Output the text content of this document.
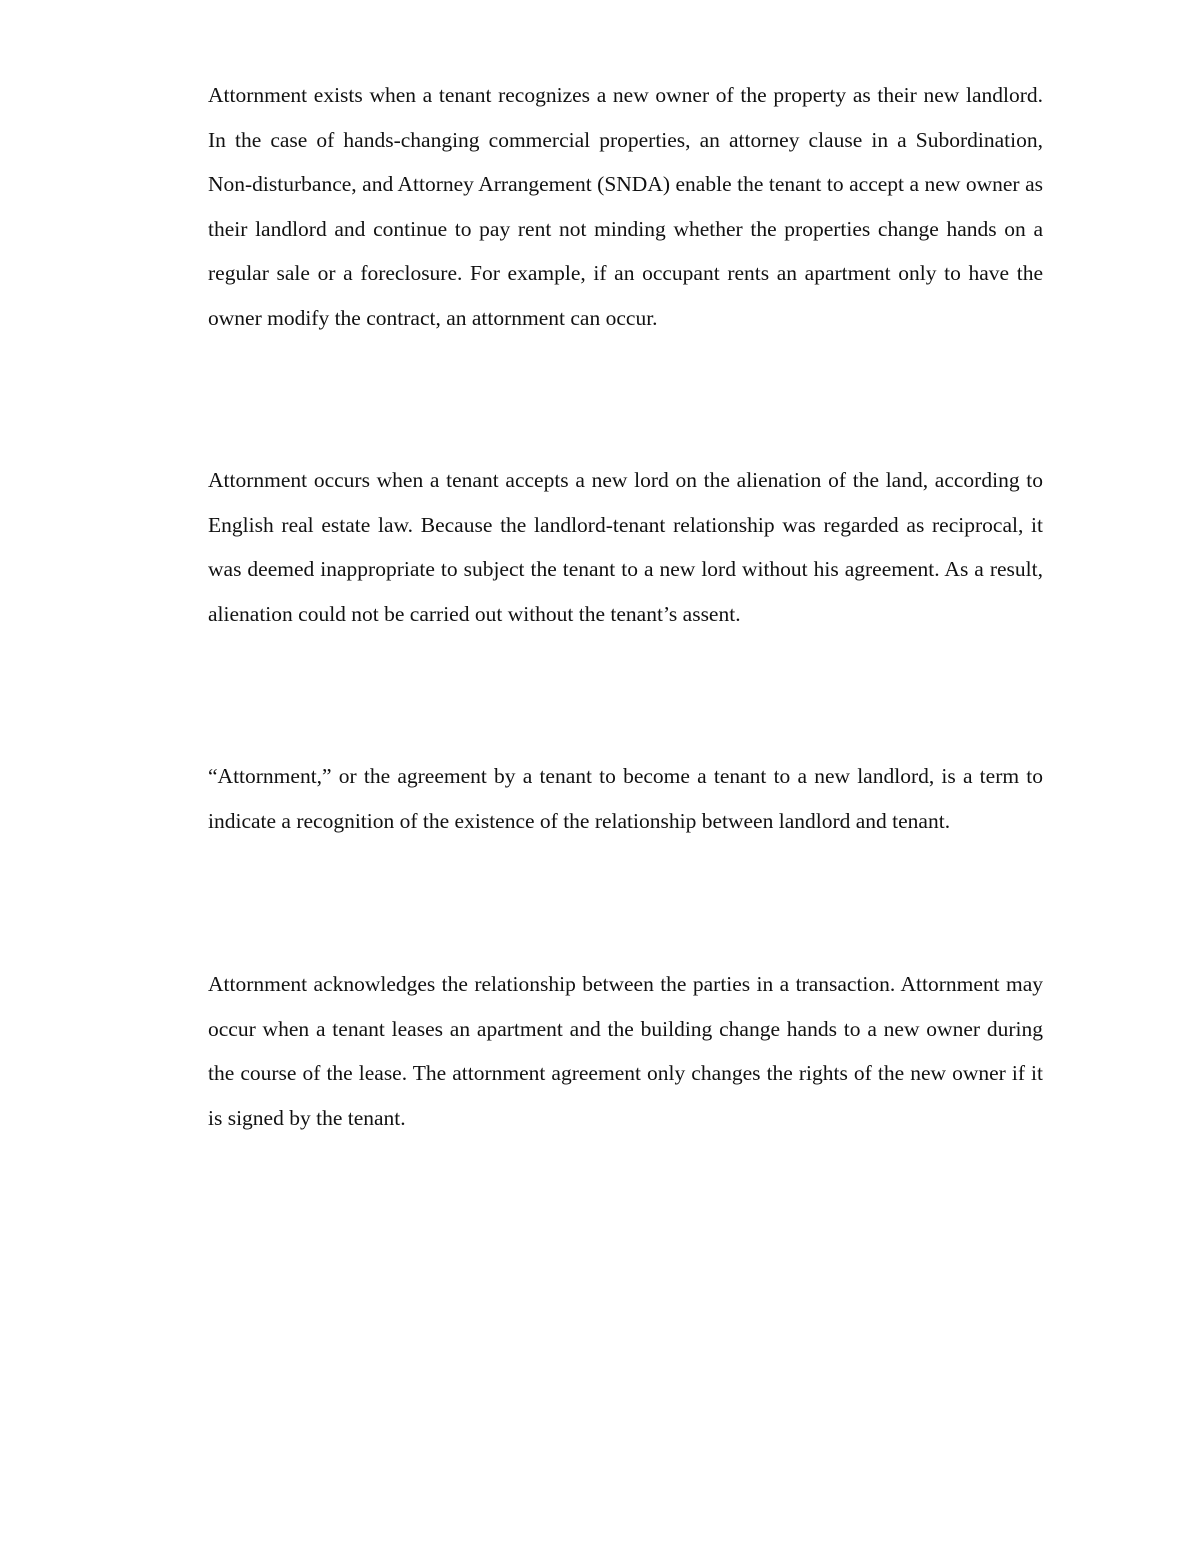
Attornment exists when a tenant recognizes a new owner of the property as their new landlord. In the case of hands-changing commercial properties, an attorney clause in a Subordination, Non-disturbance, and Attorney Arrangement (SNDA) enable the tenant to accept a new owner as their landlord and continue to pay rent not minding whether the properties change hands on a regular sale or a foreclosure. For example, if an occupant rents an apartment only to have the owner modify the contract, an attornment can occur.

Attornment occurs when a tenant accepts a new lord on the alienation of the land, according to English real estate law. Because the landlord-tenant relationship was regarded as reciprocal, it was deemed inappropriate to subject the tenant to a new lord without his agreement. As a result, alienation could not be carried out without the tenant’s assent.

“Attornment,” or the agreement by a tenant to become a tenant to a new landlord, is a term to indicate a recognition of the existence of the relationship between landlord and tenant.

Attornment acknowledges the relationship between the parties in a transaction. Attornment may occur when a tenant leases an apartment and the building change hands to a new owner during the course of the lease. The attornment agreement only changes the rights of the new owner if it is signed by the tenant.
